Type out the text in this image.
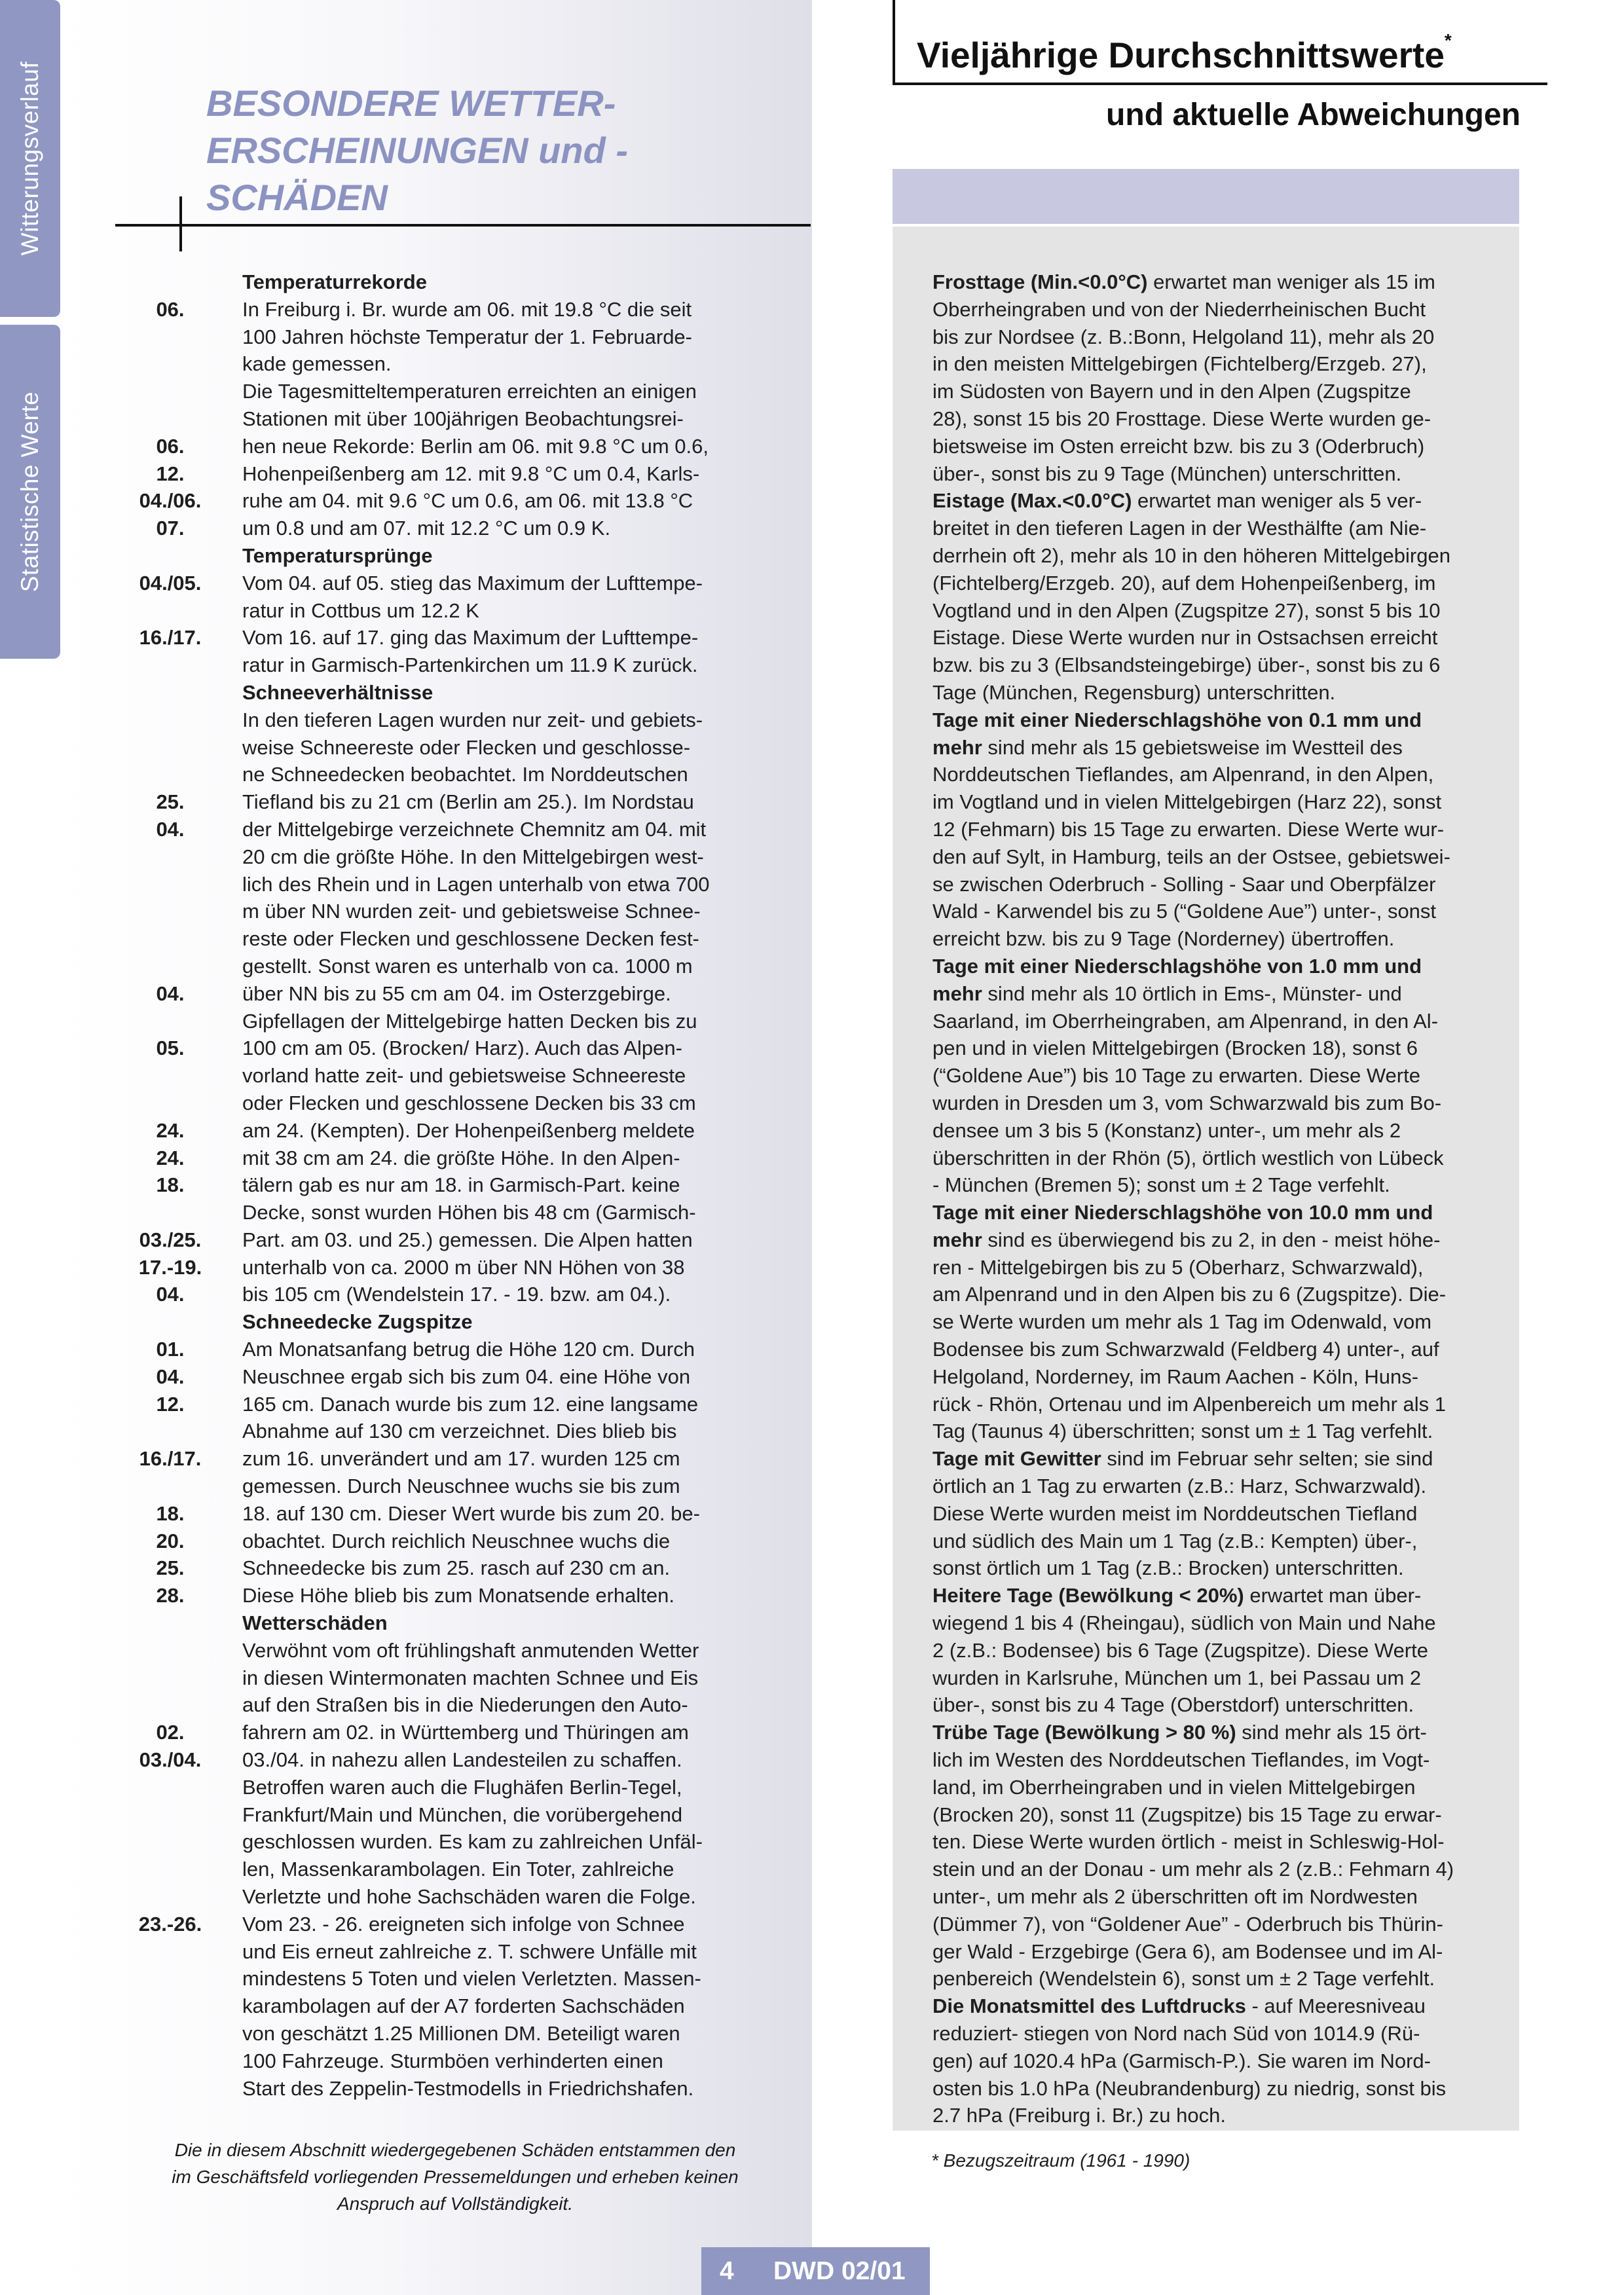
Witterungsverlauf
Statistische Werte
BESONDERE WETTER-
ERSCHEINUNGEN und -SCHÄDEN
Temperaturrekorde
06.	In Freiburg i. Br. wurde am 06. mit 19.8 °C die seit
100 Jahren höchste Temperatur der 1. Februarde-
kade gemessen.
Die Tagesmitteltemperaturen erreichten an einigen
Stationen mit über 100jährigen Beobachtungsrei-
06.	hen neue Rekorde: Berlin am 06. mit 9.8 °C um 0.6,
12.	Hohenpeißenberg am 12. mit 9.8 °C um 0.4, Karls-
04./06.	ruhe am 04. mit 9.6 °C um 0.6, am 06. mit 13.8 °C
07.	um 0.8 und am 07. mit 12.2 °C um 0.9 K.
Temperatursprünge
04./05.	Vom 04. auf 05. stieg das Maximum der Lufttempe-
ratur in Cottbus um 12.2 K
16./17.	Vom 16. auf 17. ging das Maximum der Lufttempe-
ratur in Garmisch-Partenkirchen um 11.9 K zurück.
Schneeverhältnisse
In den tieferen Lagen wurden nur zeit- und gebiets-
weise Schneereste oder Flecken und geschlosse-
ne Schneedecken beobachtet. Im Norddeutschen
25.	Tiefland bis zu 21 cm (Berlin am 25.). Im Nordstau
04.	der Mittelgebirge verzeichnete Chemnitz am 04. mit
20 cm die größte Höhe. In den Mittelgebirgen west-
lich des Rhein und in Lagen unterhalb von etwa 700
m über NN wurden zeit- und gebietsweise Schnee-
reste oder Flecken und geschlossene Decken fest-
gestellt. Sonst waren es unterhalb von ca. 1000 m
04.	über NN bis zu 55 cm am 04. im Osterzgebirge.
Gipfellagen der Mittelgebirge hatten Decken bis zu
05.	100 cm am 05. (Brocken/ Harz). Auch das Alpen-
vorland hatte zeit- und gebietsweise Schneereste
oder Flecken und geschlossene Decken bis 33 cm
24.	am 24. (Kempten). Der Hohenpeißenberg meldete
24.	mit 38 cm am 24. die größte Höhe. In den Alpen-
18.	tälern gab es nur am 18. in Garmisch-Part. keine
Decke, sonst wurden Höhen bis 48 cm (Garmisch-
03./25.	Part. am 03. und 25.) gemessen. Die Alpen hatten
17.-19.	unterhalb von ca. 2000 m über NN Höhen von 38
04.	bis 105 cm (Wendelstein 17. - 19. bzw. am 04.).
Schneedecke Zugspitze
01.	Am Monatsanfang betrug die Höhe 120 cm. Durch
04.	Neuschnee ergab sich bis zum 04. eine Höhe von
12.	165 cm. Danach wurde bis zum 12. eine langsame
Abnahme auf 130 cm verzeichnet. Dies blieb bis
16./17.	zum 16. unverändert und am 17. wurden 125 cm
gemessen. Durch Neuschnee wuchs sie bis zum
18.	18. auf 130 cm. Dieser Wert wurde bis zum 20. be-
20.	obachtet. Durch reichlich Neuschnee wuchs die
25.	Schneedecke bis zum 25. rasch auf 230 cm an.
28.	Diese Höhe blieb bis zum Monatsende erhalten.
Wetterschäden
Verwöhnt vom oft frühlingshaft anmutenden Wetter
in diesen Wintermonaten machten Schnee und Eis
auf den Straßen bis in die Niederungen den Auto-
02.	fahrern am 02. in Württemberg und Thüringen am
03./04.	03./04. in nahezu allen Landesteilen zu schaffen.
Betroffen waren auch die Flughäfen Berlin-Tegel,
Frankfurt/Main und München, die vorübergehend
geschlossen wurden. Es kam zu zahlreichen Unfäl-
len, Massenkarambolagen. Ein Toter, zahlreiche
Verletzte und hohe Sachschäden waren die Folge.
23.-26.	Vom 23. - 26. ereigneten sich infolge von Schnee
und Eis erneut zahlreiche z. T. schwere Unfälle mit
mindestens 5 Toten und vielen Verletzten. Massen-
karambolagen auf der A7 forderten Sachschäden
von geschätzt 1.25 Millionen DM. Beteiligt waren
100 Fahrzeuge. Sturmböen verhinderten einen
Start des Zeppelin-Testmodells in Friedrichshafen.
Die in diesem Abschnitt wiedergegebenen Schäden entstammen den
im Geschäftsfeld vorliegenden Pressemeldungen und erheben keinen
Anspruch auf Vollständigkeit.
Vieljährige Durchschnittswerte*
und aktuelle Abweichungen
Frosttage (Min.<0.0°C) erwartet man weniger als 15 im
Oberrheingraben und von der Niederrheinischen Bucht
bis zur Nordsee (z. B.:Bonn, Helgoland 11), mehr als 20
in den meisten Mittelgebirgen (Fichtelberg/Erzgeb. 27),
im Südosten von Bayern und in den Alpen (Zugspitze
28), sonst 15 bis 20 Frosttage. Diese Werte wurden ge-
bietsweise im Osten erreicht bzw. bis zu 3 (Oderbruch)
über-, sonst bis zu 9 Tage (München) unterschritten.
Eistage (Max.<0.0°C) erwartet man weniger als 5 ver-
breitet in den tieferen Lagen in der Westhälfte (am Nie-
derrhein oft 2), mehr als 10 in den höheren Mittelgebirgen
(Fichtelberg/Erzgeb. 20), auf dem Hohenpeißenberg, im
Vogtland und in den Alpen (Zugspitze 27), sonst 5 bis 10
Eistage. Diese Werte wurden nur in Ostsachsen erreicht
bzw. bis zu 3 (Elbsandsteingebirge) über-, sonst bis zu 6
Tage (München, Regensburg) unterschritten.
Tage mit einer Niederschlagshöhe von 0.1 mm und
mehr sind mehr als 15 gebietsweise im Westteil des
Norddeutschen Tieflandes, am Alpenrand, in den Alpen,
im Vogtland und in vielen Mittelgebirgen (Harz 22), sonst
12 (Fehmarn) bis 15 Tage zu erwarten. Diese Werte wur-
den auf Sylt, in Hamburg, teils an der Ostsee, gebietswei-
se zwischen Oderbruch - Solling - Saar und Oberpfälzer
Wald - Karwendel bis zu 5 (“Goldene Aue”) unter-, sonst
erreicht bzw. bis zu 9 Tage (Norderney) übertroffen.
Tage mit einer Niederschlagshöhe von 1.0 mm und
mehr sind mehr als 10 örtlich in Ems-, Münster- und
Saarland, im Oberrheingraben, am Alpenrand, in den Al-
pen und in vielen Mittelgebirgen (Brocken 18), sonst 6
(“Goldene Aue”) bis 10 Tage zu erwarten. Diese Werte
wurden in Dresden um 3, vom Schwarzwald bis zum Bo-
densee um 3 bis 5 (Konstanz) unter-, um mehr als 2
überschritten in der Rhön (5), örtlich westlich von Lübeck
- München (Bremen 5); sonst um ± 2 Tage verfehlt.
Tage mit einer Niederschlagshöhe von 10.0 mm und
mehr sind es überwiegend bis zu 2, in den - meist höhe-
ren - Mittelgebirgen bis zu 5 (Oberharz, Schwarzwald),
am Alpenrand und in den Alpen bis zu 6 (Zugspitze). Die-
se Werte wurden um mehr als 1 Tag im Odenwald, vom
Bodensee bis zum Schwarzwald (Feldberg 4) unter-, auf
Helgoland, Norderney, im Raum Aachen - Köln, Huns-
rück - Rhön, Ortenau und im Alpenbereich um mehr als 1
Tag (Taunus 4) überschritten; sonst um ± 1 Tag verfehlt.
Tage mit Gewitter sind im Februar sehr selten; sie sind
örtlich an 1 Tag zu erwarten (z.B.: Harz, Schwarzwald).
Diese Werte wurden meist im Norddeutschen Tiefland
und südlich des Main um 1 Tag (z.B.: Kempten) über-,
sonst örtlich um 1 Tag (z.B.: Brocken) unterschritten.
Heitere Tage (Bewölkung < 20%) erwartet man über-
wiegend 1 bis 4 (Rheingau), südlich von Main und Nahe
2 (z.B.: Bodensee) bis 6 Tage (Zugspitze). Diese Werte
wurden in Karlsruhe, München um 1, bei Passau um 2
über-, sonst bis zu 4 Tage (Oberstdorf) unterschritten.
Trübe Tage (Bewölkung > 80 %) sind mehr als 15 ört-
lich im Westen des Norddeutschen Tieflandes, im Vogt-
land, im Oberrheingraben und in vielen Mittelgebirgen
(Brocken 20), sonst 11 (Zugspitze) bis 15 Tage zu erwar-
ten. Diese Werte wurden örtlich - meist in Schleswig-Hol-
stein und an der Donau - um mehr als 2 (z.B.: Fehmarn 4)
unter-, um mehr als 2 überschritten oft im Nordwesten
(Dümmer 7), von “Goldener Aue” - Oderbruch bis Thürin-
ger Wald - Erzgebirge (Gera 6), am Bodensee und im Al-
penbereich (Wendelstein 6), sonst um ± 2 Tage verfehlt.
Die Monatsmittel des Luftdrucks - auf Meeresniveau
reduziert- stiegen von Nord nach Süd von 1014.9 (Rü-
gen) auf 1020.4 hPa (Garmisch-P.). Sie waren im Nord-
osten bis 1.0 hPa (Neubrandenburg) zu niedrig, sonst bis
2.7 hPa (Freiburg i. Br.) zu hoch.
* Bezugszeitraum (1961 - 1990)
4 DWD 02/01
